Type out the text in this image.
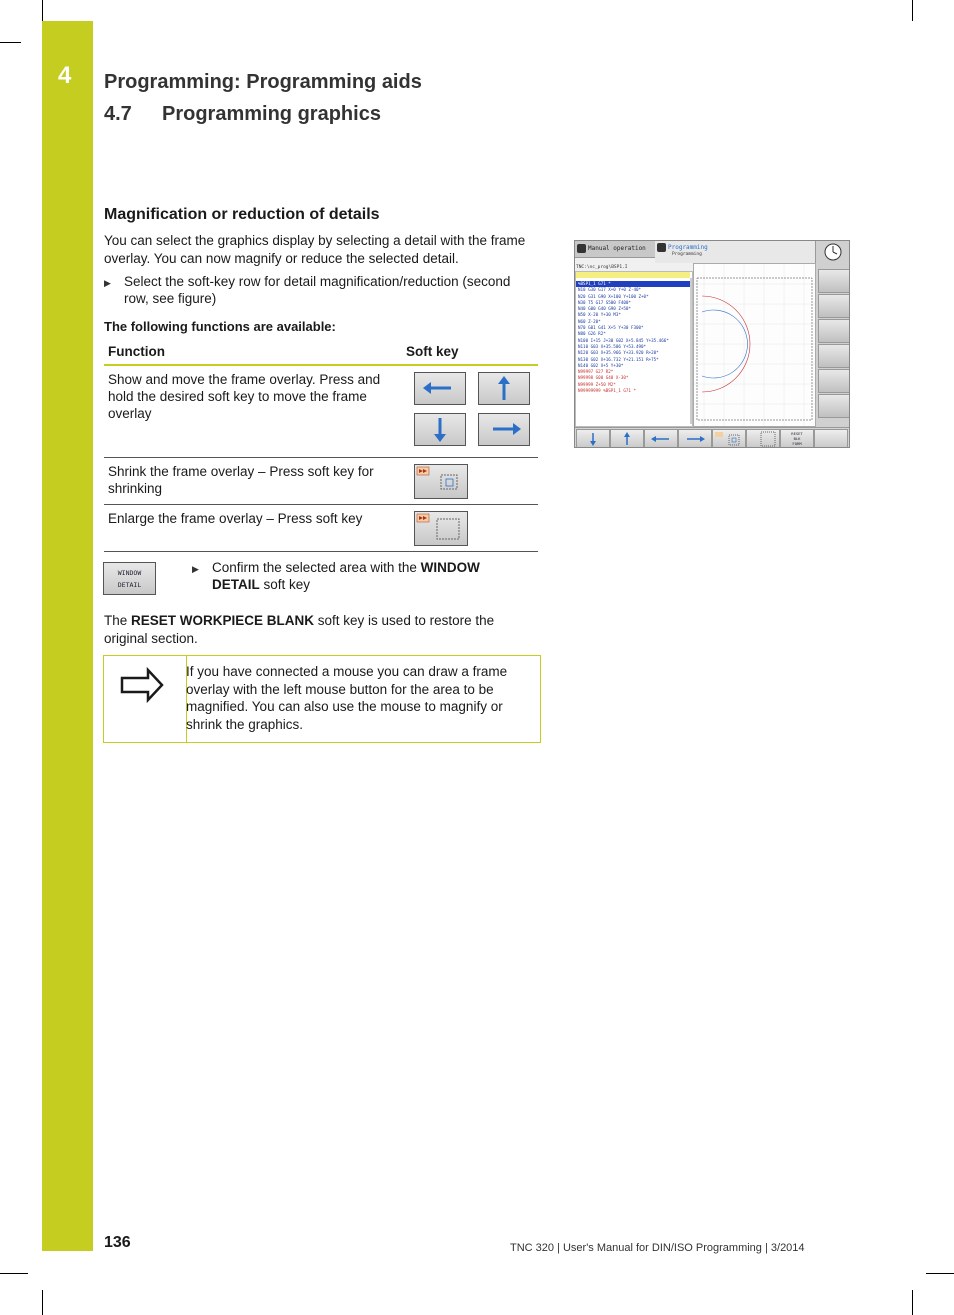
4 Programming: Programming aids
4.7 Programming graphics
Magnification or reduction of details
You can select the graphics display by selecting a detail with the frame overlay. You can now magnify or reduce the selected detail.
▶ Select the soft-key row for detail magnification/reduction (second row, see figure)
The following functions are available:
Function	Soft key
Show and move the frame overlay. Press and hold the desired soft key to move the frame overlay	

Shrink the frame overlay – Press soft key for shrinking	
Enlarge the frame overlay – Press soft key	
WINDOW
DETAIL
▶ Confirm the selected area with the WINDOW DETAIL soft key
The RESET WORKPIECE BLANK soft key is used to restore the original section.
If you have connected a mouse you can draw a frame overlay with the left mouse button for the area to be magnified. You can also use the mouse to magnify or shrink the graphics.
Manual operation	Programming
Programming
TNC:\nc_prog\BSP1.I
%BSP1_1 G71 *
N10 G30 G17 X+0 Y+0 Z-40*
N20 G31 G90 X+100 Y+100 Z+0*
N30 T5 G17 S500 F400*
N40 G00 G40 G90 Z+50*
N50 X-20 Y+30 M3*
N60 Z-20*
N70 G01 G41 X+5 Y+30 F300*
N80 G26 R2*
N100 I+15 J+30 G02 X+5.845 Y+35.466*
N110 G03 X+35.506 Y+53.490*
N120 G03 X+35.966 Y+33.920 R+20*
N130 G02 X+16.732 Y+21.151 R+75*
N140 G02 X+5 Y+30*
N99997 G27 R2*
N99998 G00 G40 X-30*
N99999 Z+50 M2*
N99999999 %BSP1_1 G71 *
RESET
BLK
FORM
136	TNC 320 | User's Manual for DIN/ISO Programming | 3/2014
